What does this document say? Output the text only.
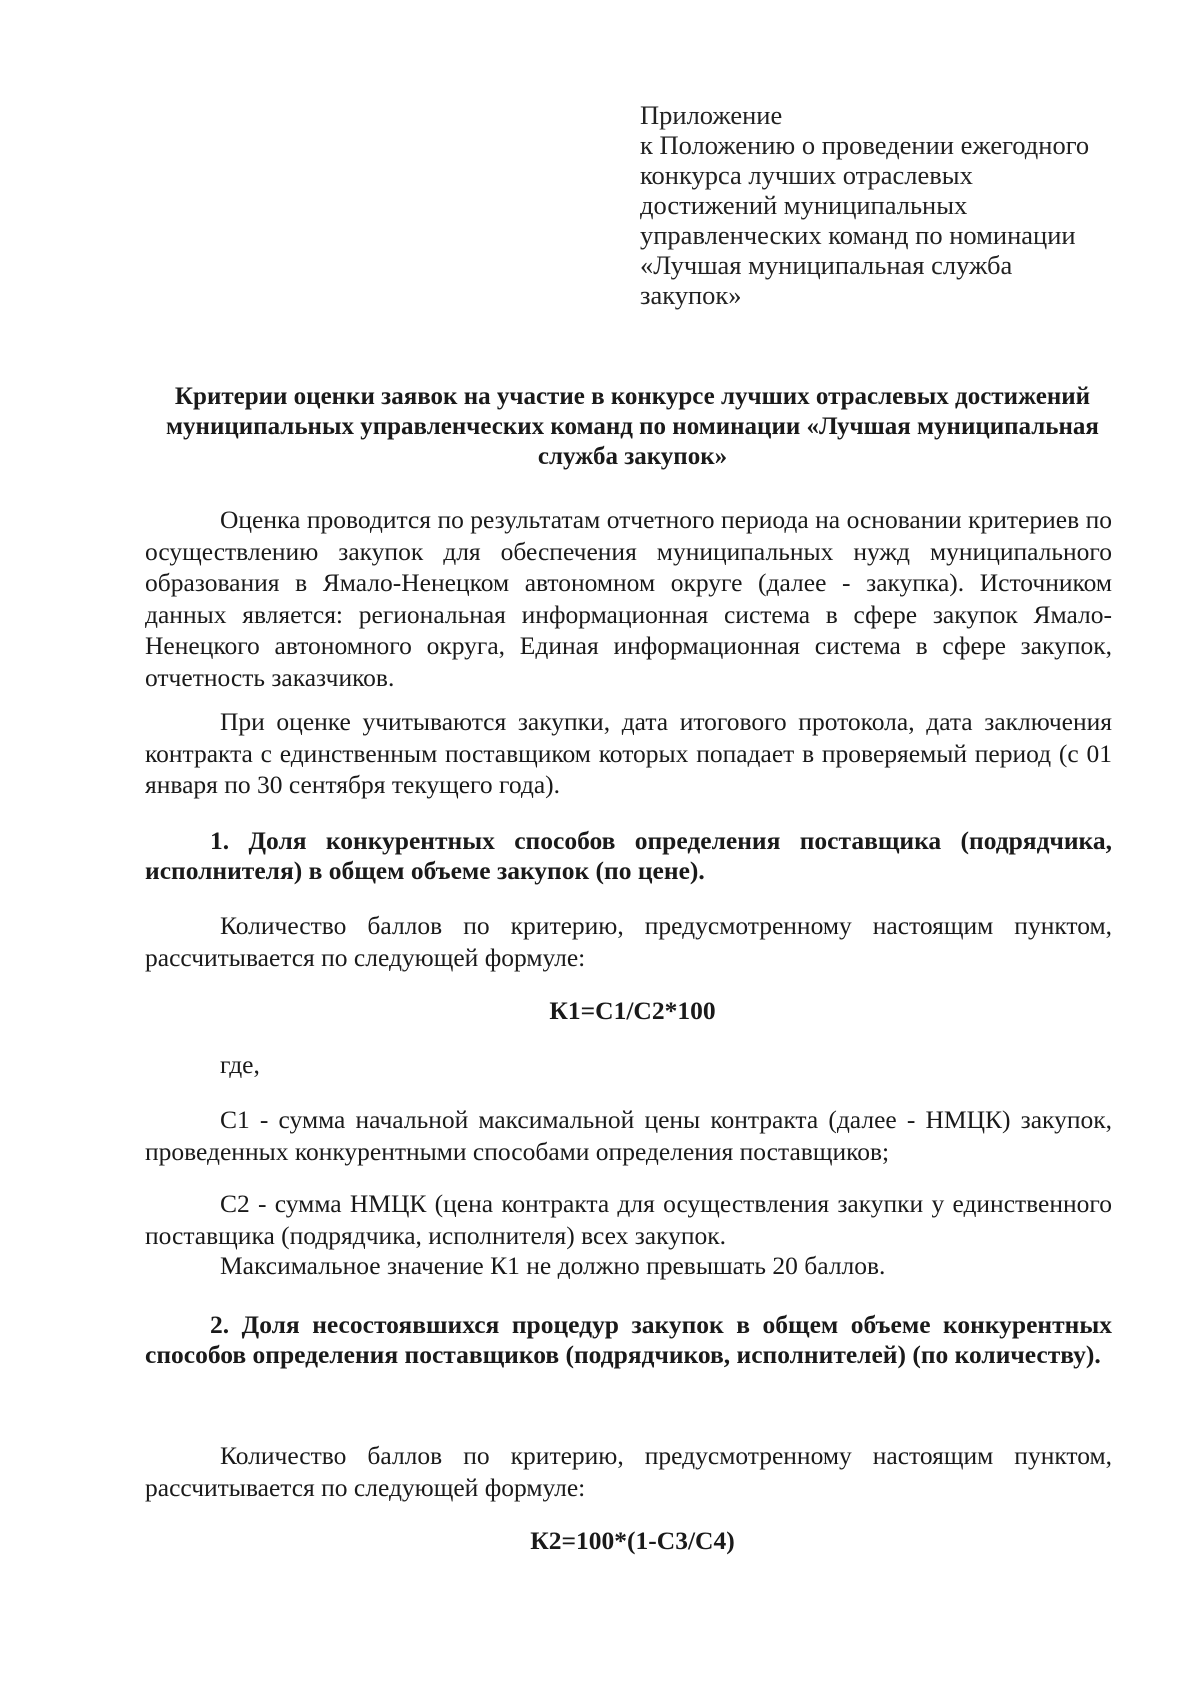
Приложение
к Положению о проведении ежегодного
конкурса лучших отраслевых
достижений муниципальных
управленческих команд по номинации
«Лучшая муниципальная служба
закупок»
Критерии оценки заявок на участие в конкурсе лучших отраслевых достижений муниципальных управленческих команд по номинации «Лучшая муниципальная служба закупок»
Оценка проводится по результатам отчетного периода на основании критериев по осуществлению закупок для обеспечения муниципальных нужд муниципального образования в Ямало-Ненецком автономном округе (далее - закупка). Источником данных является: региональная информационная система в сфере закупок Ямало-Ненецкого автономного округа, Единая информационная система в сфере закупок, отчетность заказчиков.
При оценке учитываются закупки, дата итогового протокола, дата заключения контракта с единственным поставщиком которых попадает в проверяемый период (с 01 января по 30 сентября текущего года).
1. Доля конкурентных способов определения поставщика (подрядчика, исполнителя) в общем объеме закупок (по цене).
Количество баллов по критерию, предусмотренному настоящим пунктом, рассчитывается по следующей формуле:
К1=С1/С2*100
где,
С1 - сумма начальной максимальной цены контракта (далее - НМЦК) закупок, проведенных конкурентными способами определения поставщиков;
С2 - сумма НМЦК (цена контракта для осуществления закупки у единственного поставщика (подрядчика, исполнителя) всех закупок.
Максимальное значение К1 не должно превышать 20 баллов.
2. Доля несостоявшихся процедур закупок в общем объеме конкурентных способов определения поставщиков (подрядчиков, исполнителей) (по количеству).
Количество баллов по критерию, предусмотренному настоящим пунктом, рассчитывается по следующей формуле:
К2=100*(1-С3/С4)
